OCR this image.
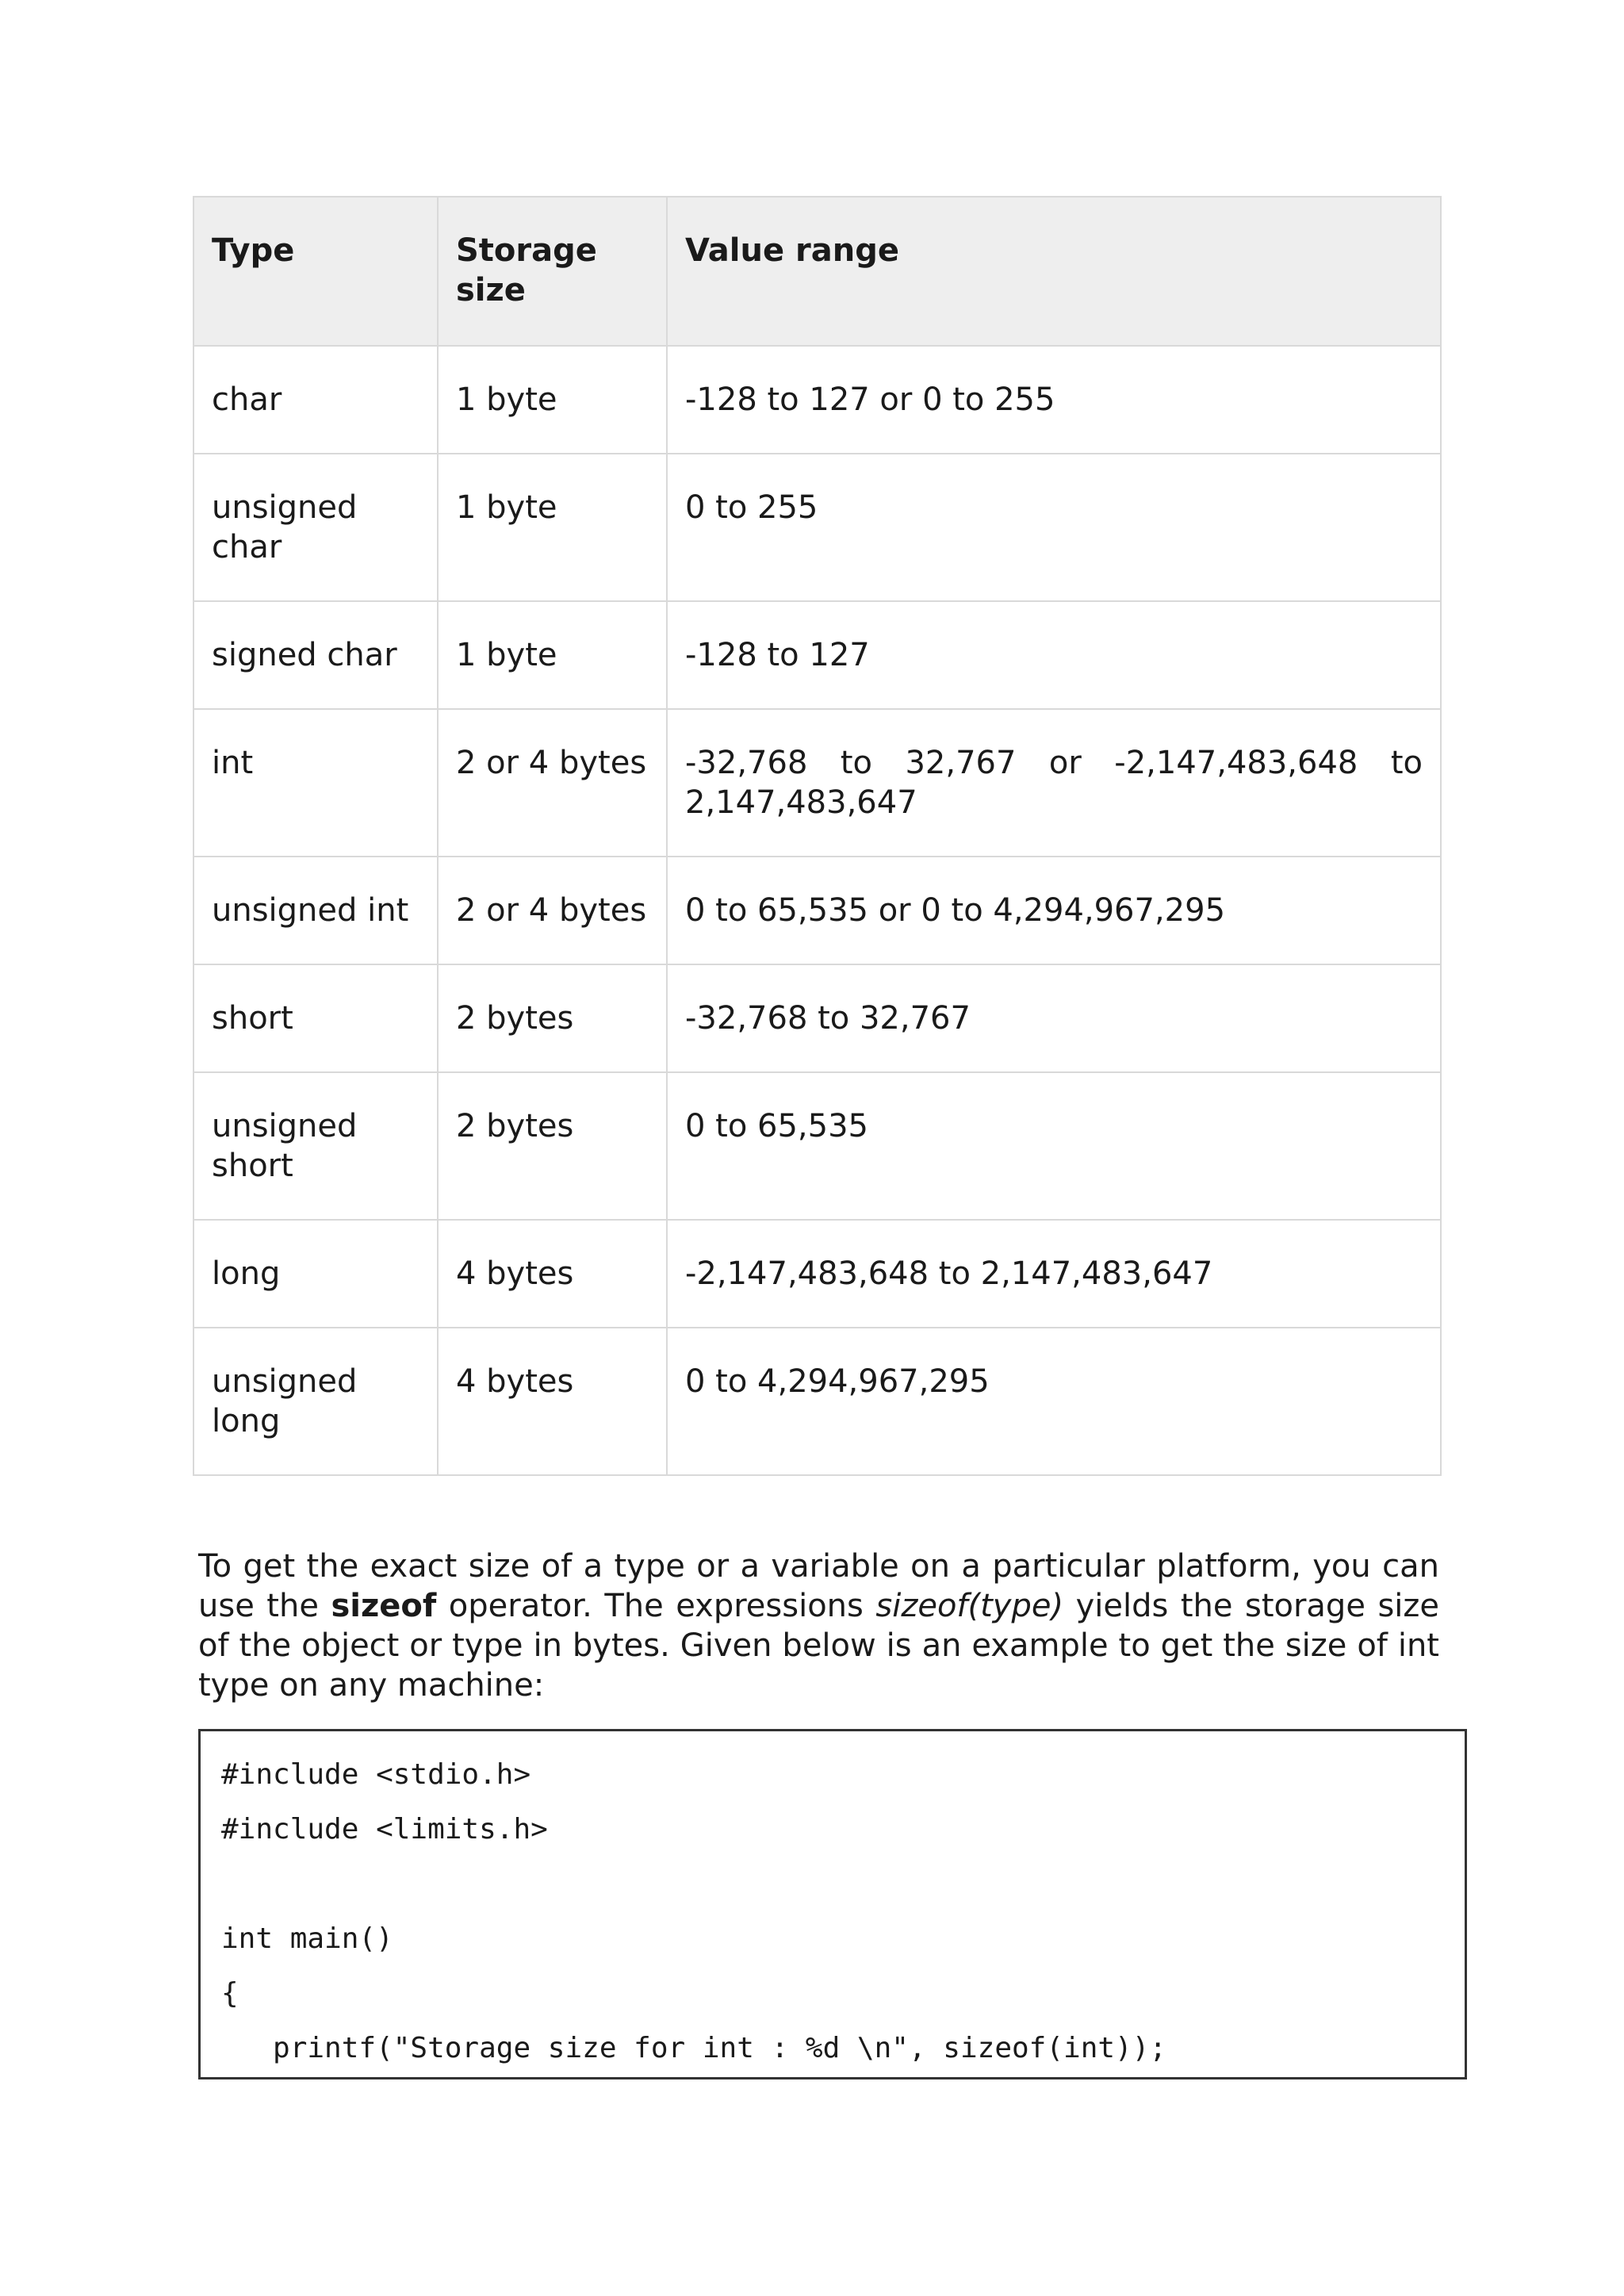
Type	Storage size	Value range
char	1 byte	-128 to 127 or 0 to 255
unsigned char	1 byte	0 to 255
signed char	1 byte	-128 to 127
int	2 or 4 bytes	-32,768 to 32,767 or -2,147,483,648 to 2,147,483,647
unsigned int	2 or 4 bytes	0 to 65,535 or 0 to 4,294,967,295
short	2 bytes	-32,768 to 32,767
unsigned short	2 bytes	0 to 65,535
long	4 bytes	-2,147,483,648 to 2,147,483,647
unsigned long	4 bytes	0 to 4,294,967,295

To get the exact size of a type or a variable on a particular platform, you can use the sizeof operator. The expressions sizeof(type) yields the storage size of the object or type in bytes. Given below is an example to get the size of int type on any machine:

#include <stdio.h>
#include <limits.h>
int main()
{
printf("Storage size for int : %d \n", sizeof(int));
